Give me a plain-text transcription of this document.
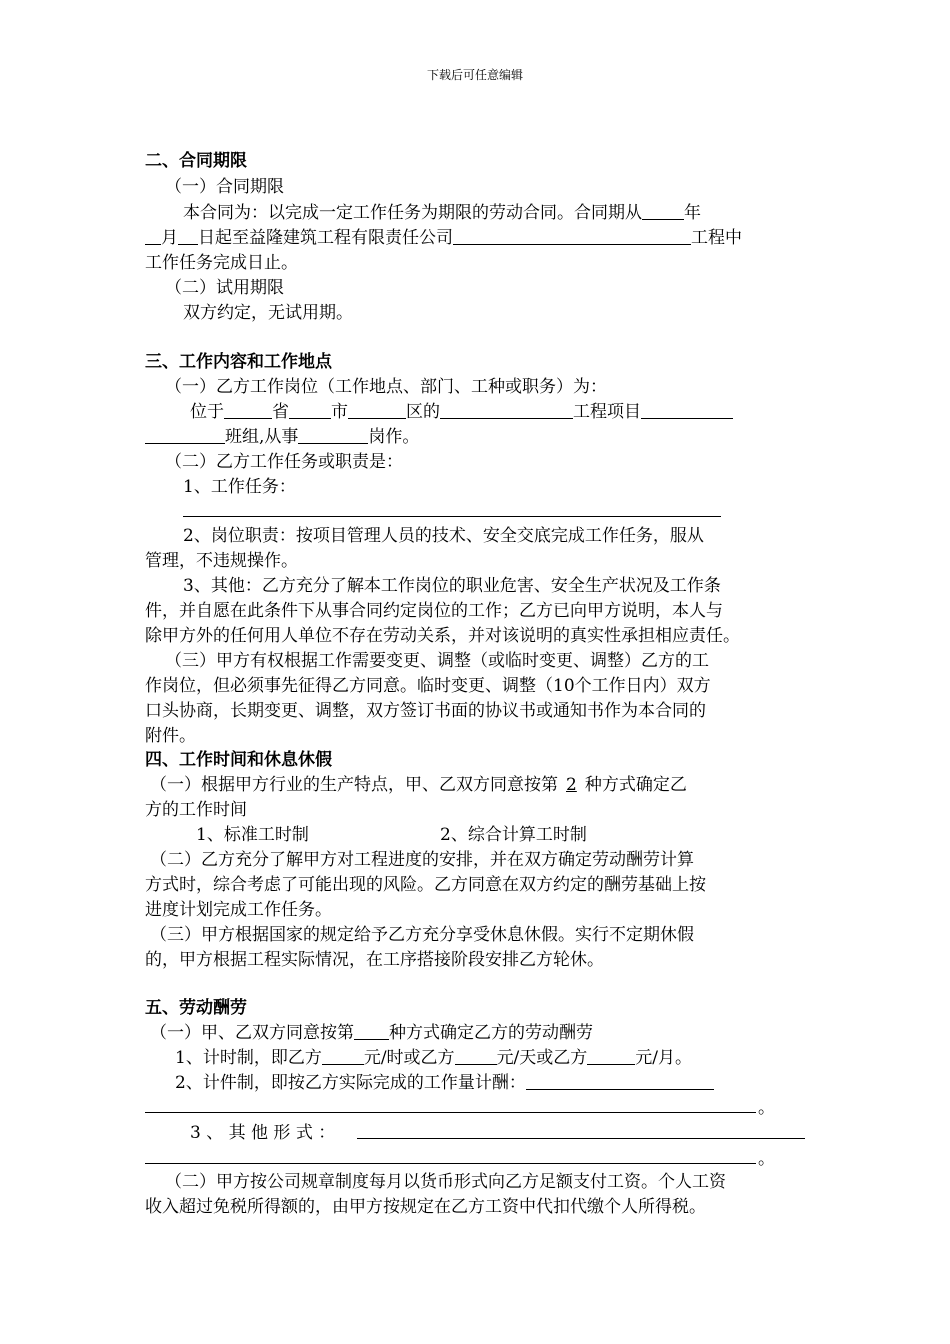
下载后可任意编辑
二、合同期限
（一）合同期限
本合同为：以完成一定工作任务为期限的劳动合同。合同期从 年
月 日起至益隆建筑工程有限责任公司	工程中
工作任务完成日止。
（二）试用期限
双方约定，无试用期。
三、工作内容和工作地点
（一）乙方工作岗位（工作地点、部门、工种或职务）为：
位于	省 市	区的	工程项目
班组,从事	岗作。
（二）乙方工作任务或职责是：
1、工作任务：
2、岗位职责：按项目管理人员的技术、安全交底完成工作任务，服从
管理，不违规操作。
3、其他：乙方充分了解本工作岗位的职业危害、安全生产状况及工作条
件，并自愿在此条件下从事合同约定岗位的工作；乙方已向甲方说明，本人与
除甲方外的任何用人单位不存在劳动关系，并对该说明的真实性承担相应责任。
（三）甲方有权根据工作需要变更、调整（或临时变更、调整）乙方的工
作岗位，但必须事先征得乙方同意。临时变更、调整（10个工作日内）双方
口头协商，长期变更、调整，双方签订书面的协议书或通知书作为本合同的
附件。
四、工作时间和休息休假
（一）根据甲方行业的生产特点，甲、乙双方同意按第 2 种方式确定乙
方的工作时间
1、标准工时制	2、综合计算工时制
（二）乙方充分了解甲方对工程进度的安排，并在双方确定劳动酬劳计算
方式时，综合考虑了可能出现的风险。乙方同意在双方约定的酬劳基础上按
进度计划完成工作任务。
（三）甲方根据国家的规定给予乙方充分享受休息休假。实行不定期休假
的，甲方根据工程实际情况，在工序搭接阶段安排乙方轮休。
五、劳动酬劳
（一）甲、乙双方同意按第 种方式确定乙方的劳动酬劳
1、计时制，即乙方 元/时或乙方 元/天或乙方	元/月。
2、计件制，即按乙方实际完成的工作量计酬：
。
3 、 其 他 形 式 ：
。
（二）甲方按公司规章制度每月以货币形式向乙方足额支付工资。个人工资
收入超过免税所得额的，由甲方按规定在乙方工资中代扣代缴个人所得税。
